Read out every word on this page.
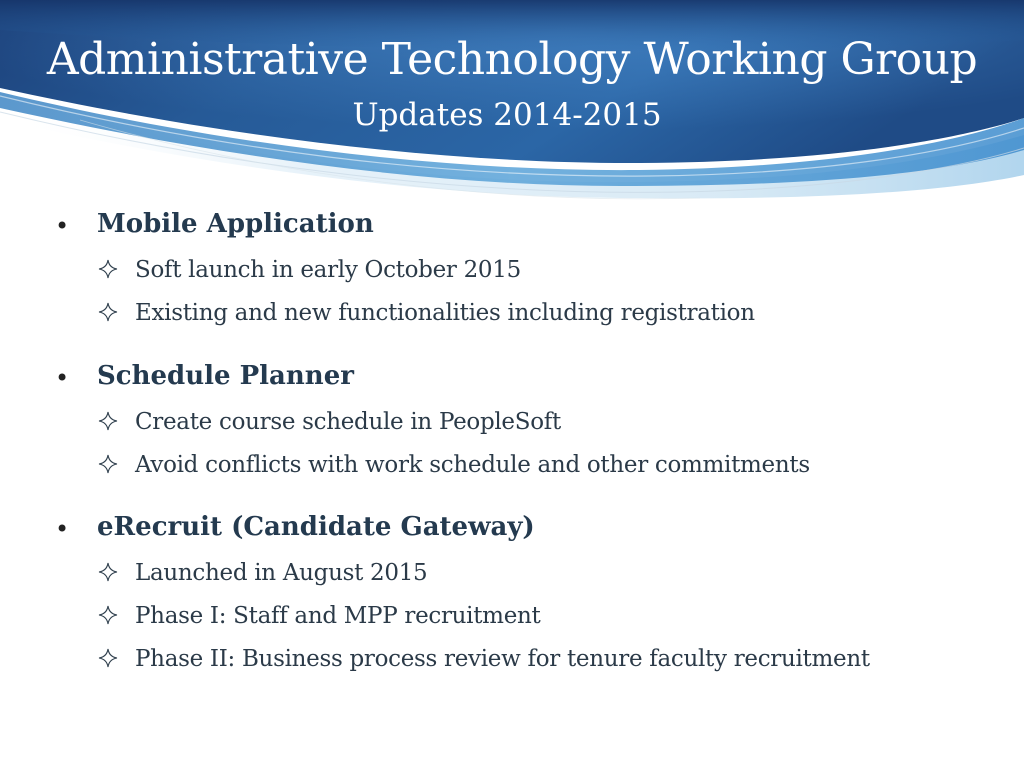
Administrative Technology Working Group
Updates 2014-2015
• Mobile Application
Soft launch in early October 2015
Existing and new functionalities including registration
• Schedule Planner
Create course schedule in PeopleSoft
Avoid conflicts with work schedule and other commitments
• eRecruit (Candidate Gateway)
Launched in August 2015
Phase I: Staff and MPP recruitment
Phase II: Business process review for tenure faculty recruitment
